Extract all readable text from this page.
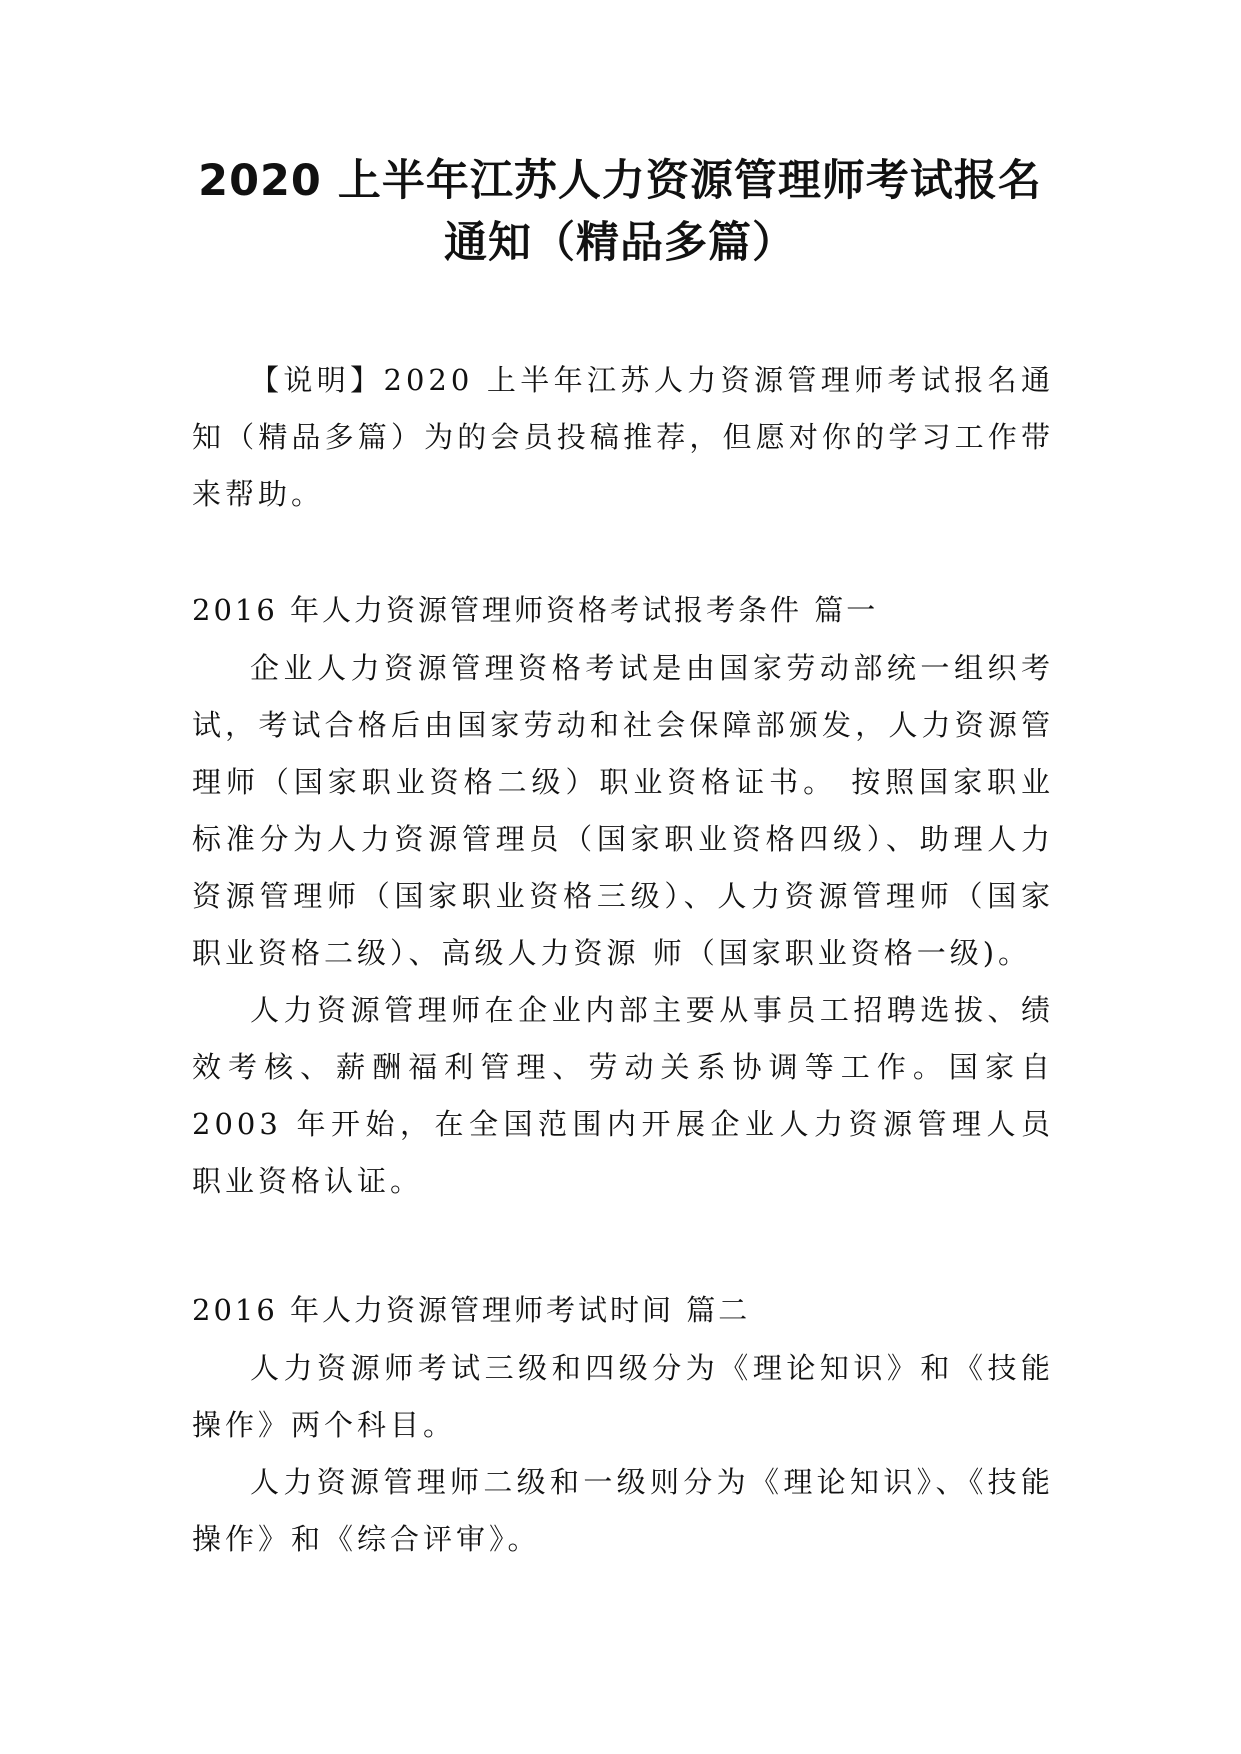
2020 上半年江苏人力资源管理师考试报名
通知（精品多篇）

【说明】2020 上半年江苏人力资源管理师考试报名通知（精品多篇）为的会员投稿推荐，但愿对你的学习工作带来帮助。

2016 年人力资源管理师资格考试报考条件 篇一

企业人力资源管理资格考试是由国家劳动部统一组织考试，考试合格后由国家劳动和社会保障部颁发，人力资源管理师（国家职业资格二级）职业资格证书。 按照国家职业标准分为人力资源管理员（国家职业资格四级）、助理人力资源管理师（国家职业资格三级）、人力资源管理师（国家职业资格二级）、高级人力资源 师（国家职业资格一级)。

人力资源管理师在企业内部主要从事员工招聘选拔、绩效考核、薪酬福利管理、劳动关系协调等工作。国家自 2003 年开始，在全国范围内开展企业人力资源管理人员职业资格认证。

2016 年人力资源管理师考试时间 篇二

人力资源师考试三级和四级分为《理论知识》和《技能操作》两个科目。

人力资源管理师二级和一级则分为《理论知识》、《技能操作》和《综合评审》。
